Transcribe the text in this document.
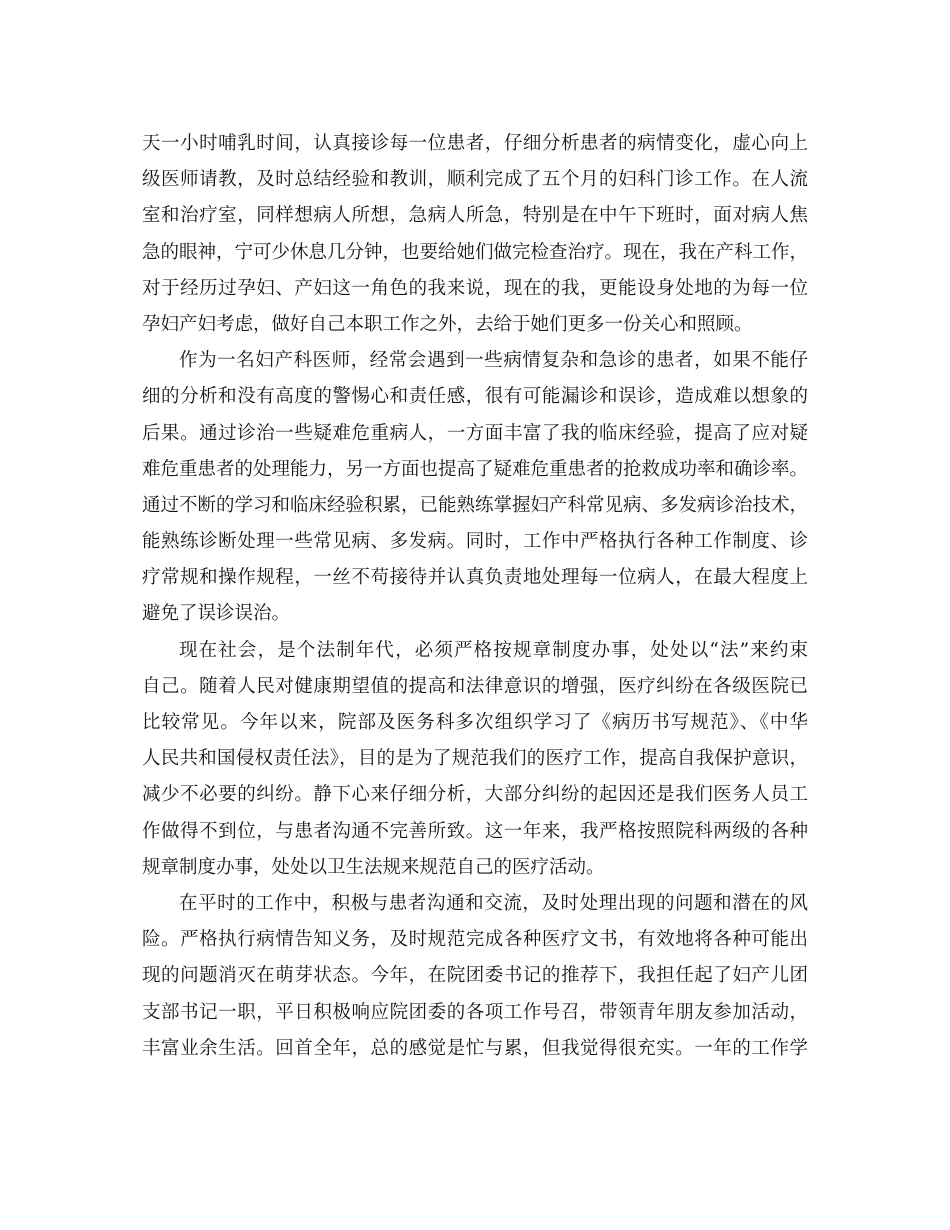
天一小时哺乳时间，认真接诊每一位患者，仔细分析患者的病情变化，虚心向上
级医师请教，及时总结经验和教训，顺利完成了五个月的妇科门诊工作。在人流
室和治疗室，同样想病人所想，急病人所急，特别是在中午下班时，面对病人焦
急的眼神，宁可少休息几分钟，也要给她们做完检查治疗。现在，我在产科工作，
对于经历过孕妇、产妇这一角色的我来说，现在的我，更能设身处地的为每一位
孕妇产妇考虑，做好自己本职工作之外，去给于她们更多一份关心和照顾。
作为一名妇产科医师，经常会遇到一些病情复杂和急诊的患者，如果不能仔
细的分析和没有高度的警惕心和责任感，很有可能漏诊和误诊，造成难以想象的
后果。通过诊治一些疑难危重病人，一方面丰富了我的临床经验，提高了应对疑
难危重患者的处理能力，另一方面也提高了疑难危重患者的抢救成功率和确诊率。
通过不断的学习和临床经验积累，已能熟练掌握妇产科常见病、多发病诊治技术，
能熟练诊断处理一些常见病、多发病。同时，工作中严格执行各种工作制度、诊
疗常规和操作规程，一丝不苟接待并认真负责地处理每一位病人，在最大程度上
避免了误诊误治。
现在社会，是个法制年代，必须严格按规章制度办事，处处以“法”来约束
自己。随着人民对健康期望值的提高和法律意识的增强，医疗纠纷在各级医院已
比较常见。今年以来，院部及医务科多次组织学习了《病历书写规范》、《中华
人民共和国侵权责任法》，目的是为了规范我们的医疗工作，提高自我保护意识，
减少不必要的纠纷。静下心来仔细分析，大部分纠纷的起因还是我们医务人员工
作做得不到位，与患者沟通不完善所致。这一年来，我严格按照院科两级的各种
规章制度办事，处处以卫生法规来规范自己的医疗活动。
在平时的工作中，积极与患者沟通和交流，及时处理出现的问题和潜在的风
险。严格执行病情告知义务，及时规范完成各种医疗文书，有效地将各种可能出
现的问题消灭在萌芽状态。今年，在院团委书记的推荐下，我担任起了妇产儿团
支部书记一职，平日积极响应院团委的各项工作号召，带领青年朋友参加活动，
丰富业余生活。回首全年，总的感觉是忙与累，但我觉得很充实。一年的工作学
